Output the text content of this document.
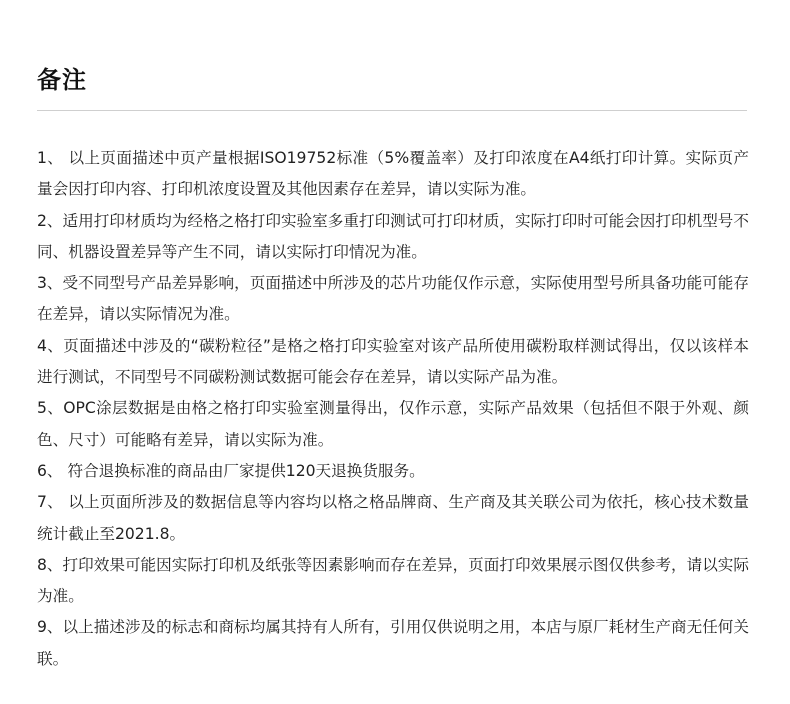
备注
1、 以上页面描述中页产量根据ISO19752标准（5%覆盖率）及打印浓度在A4纸打印计算。实际页产量会因打印内容、打印机浓度设置及其他因素存在差异，请以实际为准。
2、适用打印材质均为经格之格打印实验室多重打印测试可打印材质，实际打印时可能会因打印机型号不同、机器设置差异等产生不同，请以实际打印情况为准。
3、受不同型号产品差异影响，页面描述中所涉及的芯片功能仅作示意，实际使用型号所具备功能可能存在差异，请以实际情况为准。
4、页面描述中涉及的“碳粉粒径”是格之格打印实验室对该产品所使用碳粉取样测试得出，仅以该样本进行测试，不同型号不同碳粉测试数据可能会存在差异，请以实际产品为准。
5、OPC涂层数据是由格之格打印实验室测量得出，仅作示意，实际产品效果（包括但不限于外观、颜色、尺寸）可能略有差异，请以实际为准。
6、 符合退换标准的商品由厂家提供120天退换货服务。
7、 以上页面所涉及的数据信息等内容均以格之格品牌商、生产商及其关联公司为依托，核心技术数量统计截止至2021.8。
8、打印效果可能因实际打印机及纸张等因素影响而存在差异，页面打印效果展示图仅供参考，请以实际为准。
9、以上描述涉及的标志和商标均属其持有人所有，引用仅供说明之用，本店与原厂耗材生产商无任何关联。
